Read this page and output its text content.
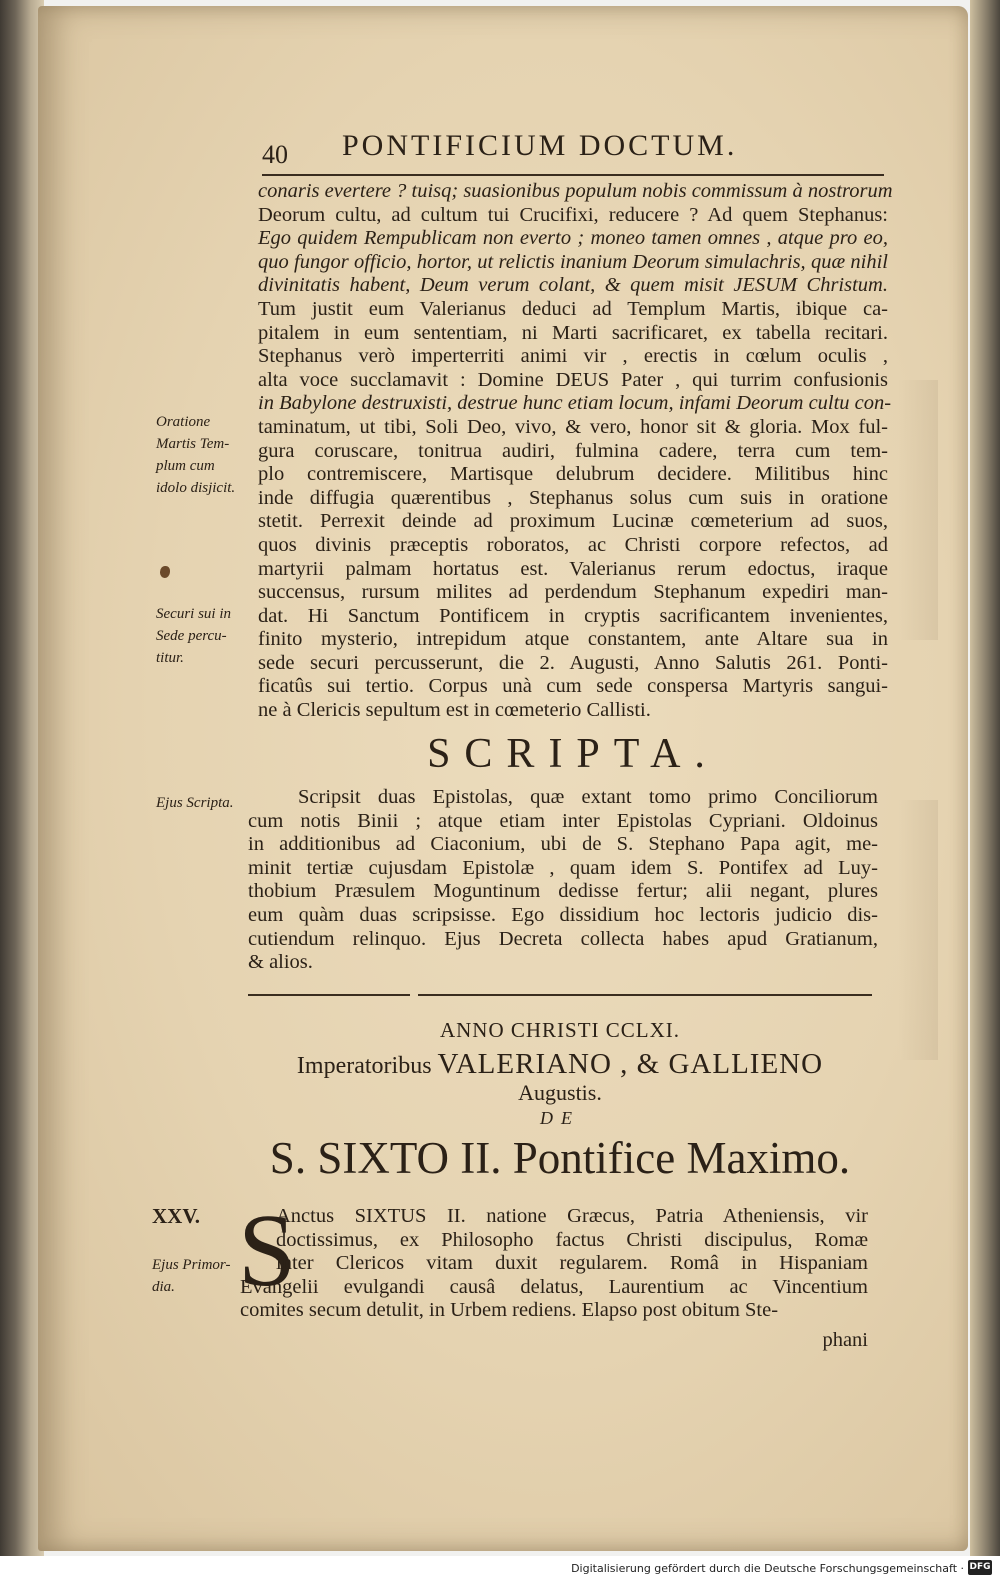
40 PONTIFICIUM DOCTUM.
conaris evertere ? tuisq; suasionibus populum nobis commissum à nostrorum
Deorum cultu, ad cultum tui Crucifixi, reducere ? Ad quem Stephanus:
Ego quidem Rempublicam non everto ; moneo tamen omnes , atque pro eo,
quo fungor officio, hortor, ut relictis inanium Deorum simulachris, quæ nihil
divinitatis habent, Deum verum colant, & quem misit JESUM Christum.
Tum justit eum Valerianus deduci ad Templum Martis, ibique ca-
pitalem in eum sententiam, ni Marti sacrificaret, ex tabella recitari.
Stephanus verò imperterriti animi vir , erectis in cœlum oculis ,
alta voce succlamavit : Domine DEUS Pater , qui turrim confusionis
in Babylone destruxisti, destrue hunc etiam locum, infami Deorum cultu con-
taminatum, ut tibi, Soli Deo, vivo, & vero, honor sit & gloria. Mox ful-
gura coruscare, tonitrua audiri, fulmina cadere, terra cum tem-
plo contremiscere, Martisque delubrum decidere. Militibus hinc
inde diffugia quærentibus , Stephanus solus cum suis in oratione
stetit. Perrexit deinde ad proximum Lucinæ cœmeterium ad suos,
quos divinis præceptis roboratos, ac Christi corpore refectos, ad
martyrii palmam hortatus est. Valerianus rerum edoctus, iraque
succensus, rursum milites ad perdendum Stephanum expediri man-
dat. Hi Sanctum Pontificem in cryptis sacrificantem invenientes,
finito mysterio, intrepidum atque constantem, ante Altare sua in
sede securi percusserunt, die 2. Augusti, Anno Salutis 261. Ponti-
ficatûs sui tertio. Corpus unà cum sede conspersa Martyris sangui-
ne à Clericis sepultum est in cœmeterio Callisti.
Oratione
Martis Tem-
plum cum
idolo disjicit.
Securi sui in
Sede percu-
titur.
SCRIPTA.
Ejus Scripta.	Scripsit duas Epistolas, quæ extant tomo primo Conciliorum
cum notis Binii ; atque etiam inter Epistolas Cypriani. Oldoinus
in additionibus ad Ciaconium, ubi de S. Stephano Papa agit, me-
minit tertiæ cujusdam Epistolæ , quam idem S. Pontifex ad Luy-
thobium Præsulem Moguntinum dedisse fertur; alii negant, plures
eum quàm duas scripsisse. Ego dissidium hoc lectoris judicio dis-
cutiendum relinquo. Ejus Decreta collecta habes apud Gratianum,
& alios.
ANNO CHRISTI CCLXI.
Imperatoribus VALERIANO , & GALLIENO
Augustis.
DE
S. SIXTO II. Pontifice Maximo.
XXV.
Ejus Primor-
dia. S
Anctus SIXTUS II. natione Græcus, Patria Atheniensis, vir
doctissimus, ex Philosopho factus Christi discipulus, Romæ
inter Clericos vitam duxit regularem. Româ in Hispaniam
Evangelii evulgandi causâ delatus, Laurentium ac Vincentium
comites secum detulit, in Urbem rediens. Elapso post obitum Ste-
phani
Digitalisierung gefördert durch die Deutsche Forschungsgemeinschaft · DFG
